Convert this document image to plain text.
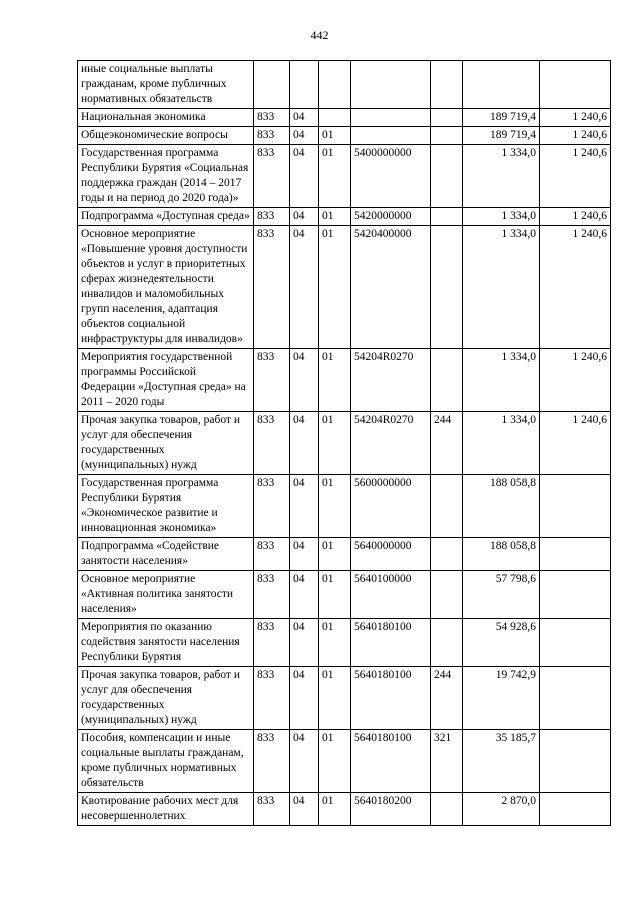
442
иные социальные выплаты гражданам, кроме публичных нормативных обязательств							
Национальная экономика	833	04				189 719,4	1 240,6
Общеэкономические вопросы	833	04	01			189 719,4	1 240,6
Государственная программа Республики Бурятия «Социальная поддержка граждан (2014 – 2017 годы и на период до 2020 года)»	833	04	01	5400000000		1 334,0	1 240,6
Подпрограмма «Доступная среда»	833	04	01	5420000000		1 334,0	1 240,6
Основное мероприятие «Повышение уровня доступности объектов и услуг в приоритетных сферах жизнедеятельности инвалидов и маломобильных групп населения, адаптация объектов социальной инфраструктуры для инвалидов»	833	04	01	5420400000		1 334,0	1 240,6
Мероприятия государственной программы Российской Федерации «Доступная среда» на 2011 – 2020 годы	833	04	01	54204R0270		1 334,0	1 240,6
Прочая закупка товаров, работ и услуг для обеспечения государственных (муниципальных) нужд	833	04	01	54204R0270	244	1 334,0	1 240,6
Государственная программа Республики Бурятия «Экономическое развитие и инновационная экономика»	833	04	01	5600000000		188 058,8	
Подпрограмма «Содействие занятости населения»	833	04	01	5640000000		188 058,8	
Основное мероприятие «Активная политика занятости населения»	833	04	01	5640100000		57 798,6	
Мероприятия по оказанию содействия занятости населения Республики Бурятия	833	04	01	5640180100		54 928,6	
Прочая закупка товаров, работ и услуг для обеспечения государственных (муниципальных) нужд	833	04	01	5640180100	244	19 742,9	
Пособия, компенсации и иные социальные выплаты гражданам, кроме публичных нормативных обязательств	833	04	01	5640180100	321	35 185,7	
Квотирование рабочих мест для несовершеннолетних	833	04	01	5640180200		2 870,0	
